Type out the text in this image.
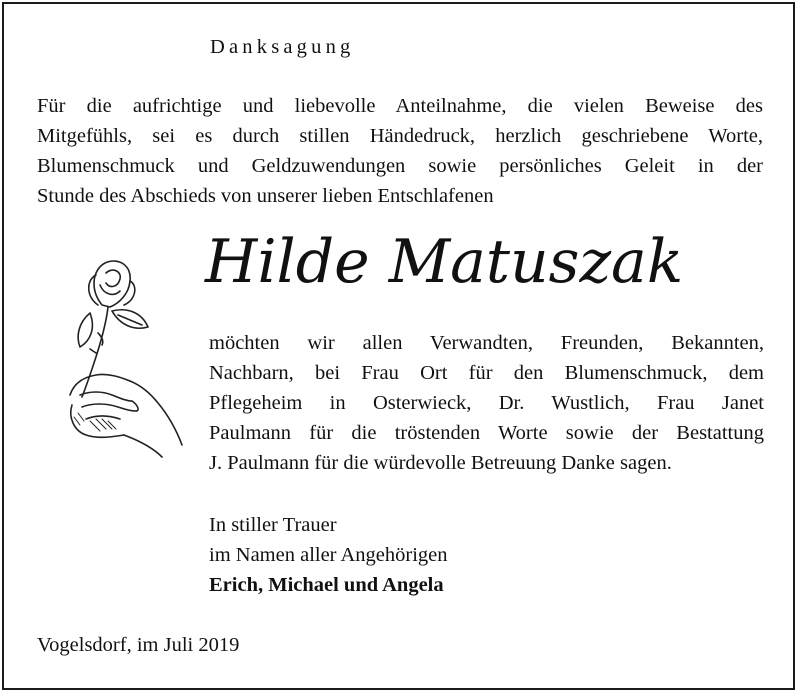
Danksagung
Für die aufrichtige und liebevolle Anteilnahme, die vielen Beweise des
Mitgefühls, sei es durch stillen Händedruck, herzlich geschriebene Worte,
Blumenschmuck und Geldzuwendungen sowie persönliches Geleit in der
Stunde des Abschieds von unserer lieben Entschlafenen
Hilde Matuszak
möchten wir allen Verwandten, Freunden, Bekannten,
Nachbarn, bei Frau Ort für den Blumenschmuck, dem
Pflegeheim in Osterwieck, Dr. Wustlich, Frau Janet
Paulmann für die tröstenden Worte sowie der Bestattung
J. Paulmann für die würdevolle Betreuung Danke sagen.
In stiller Trauer
im Namen aller Angehörigen
Erich, Michael und Angela
Vogelsdorf, im Juli 2019
